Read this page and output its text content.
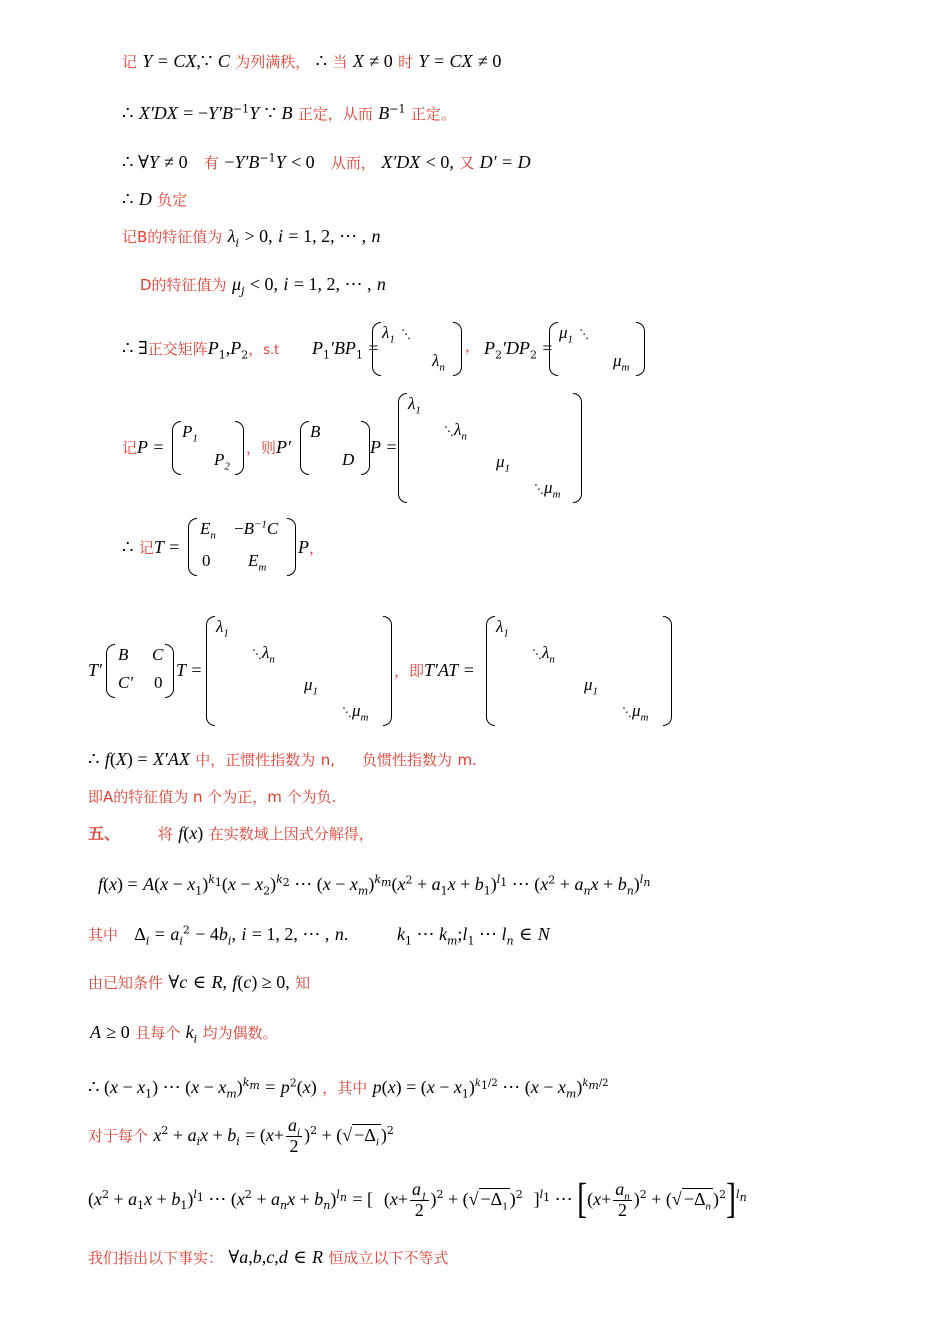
记 Y = CX,∵ C 为列满秩， ∴ 当 X ≠ 0 时 Y = CX ≠ 0
∴ $X'DX = -Y'B^{-1}Y$ ∵ B 正定，从而 $B^{-1}$ 正定。
∴ ∀Y ≠ 0 有 $-Y'B^{-1}Y < 0$ 从而， X′DX < 0, 又 D′ = D
∴ D 负定
记B的特征值为 $\lambda_i > 0$, i = 1, 2, ⋯ , n
D的特征值为 $\mu_j < 0$, i = 1, 2, ⋯ , n
∴ ∃正交矩阵$P_1,P_2$，s.t $P_1'BP_1$ =
$\lambda_1$ ⋱
$\lambda_n$
， $P_2'DP_2$ =
$\mu_1$ ⋱
$\mu_m$
记P =
$P_1$
$P_2$
，则P′
B
D
P =
$\lambda_1$
$⋱\lambda_n$
$\mu_1$
$⋱\mu_m$
∴ 记T =
$E_n -B^{-1}C$
0 $E_m$
P，
T′
B C
C′ 0
T =
$\lambda_1$
$⋱\lambda_n$
$\mu_1$
$⋱\mu_m$
，即T′AT =
$\lambda_1$
$⋱\lambda_n$
$\mu_1$
$⋱\mu_m$
∴ f(X) = X′AX 中，正惯性指数为 n, 负惯性指数为 m.
即A的特征值为 n 个为正，m 个为负.
五、	将 f(x) 在实数域上因式分解得，
$f(x) = A(x - x_1)^{k_1}(x - x_2)^{k_2}$ ⋯ $(x - x_m)^{k_m}(x^2 + a_1x + b_1)^{l_1}$ ⋯ $(x^2 + a_nx + b_n)^{l_n}$
其中 $\Delta_i = a_i^2 - 4b_i$, i = 1, 2, ⋯ , n.	$k_1$ ⋯ $k_m;l_1$ ⋯ $l_n$ ∈ N
由已知条件 ∀c ∈ R, f(c) ≥ 0, 知
A ≥ 0 且每个 $k_i$ 均为偶数。
∴ $(x - x_1)$ ⋯ $(x - x_m)^{k_m} = p^2(x)$ ，其中 $p(x) = (x - x_1)^{k_1/2}$ ⋯ $(x - x_m)^{k_m/2}$
对于每个 $x^2 + a_ix + b_i = (x+ \frac{a_i}{2} )^2$ + (√ $-\Delta_i$ )$^2$
$(x^2 + a_1x + b_1)^{l_1}$ ⋯ $(x^2 + a_nx + b_n)^{l_n}$ = [ $(x+ \frac{a_1}{2} )^2$ + (√ $-\Delta_1$ )$^2$ ]$^{l_1}$ ⋯ [$(x+ \frac{a_n}{2} )^2$ + (√ $-\Delta_n$ )$^2$]$^{l_n}$
我们指出以下事实： ∀a,b,c,d ∈ R 恒成立以下不等式
